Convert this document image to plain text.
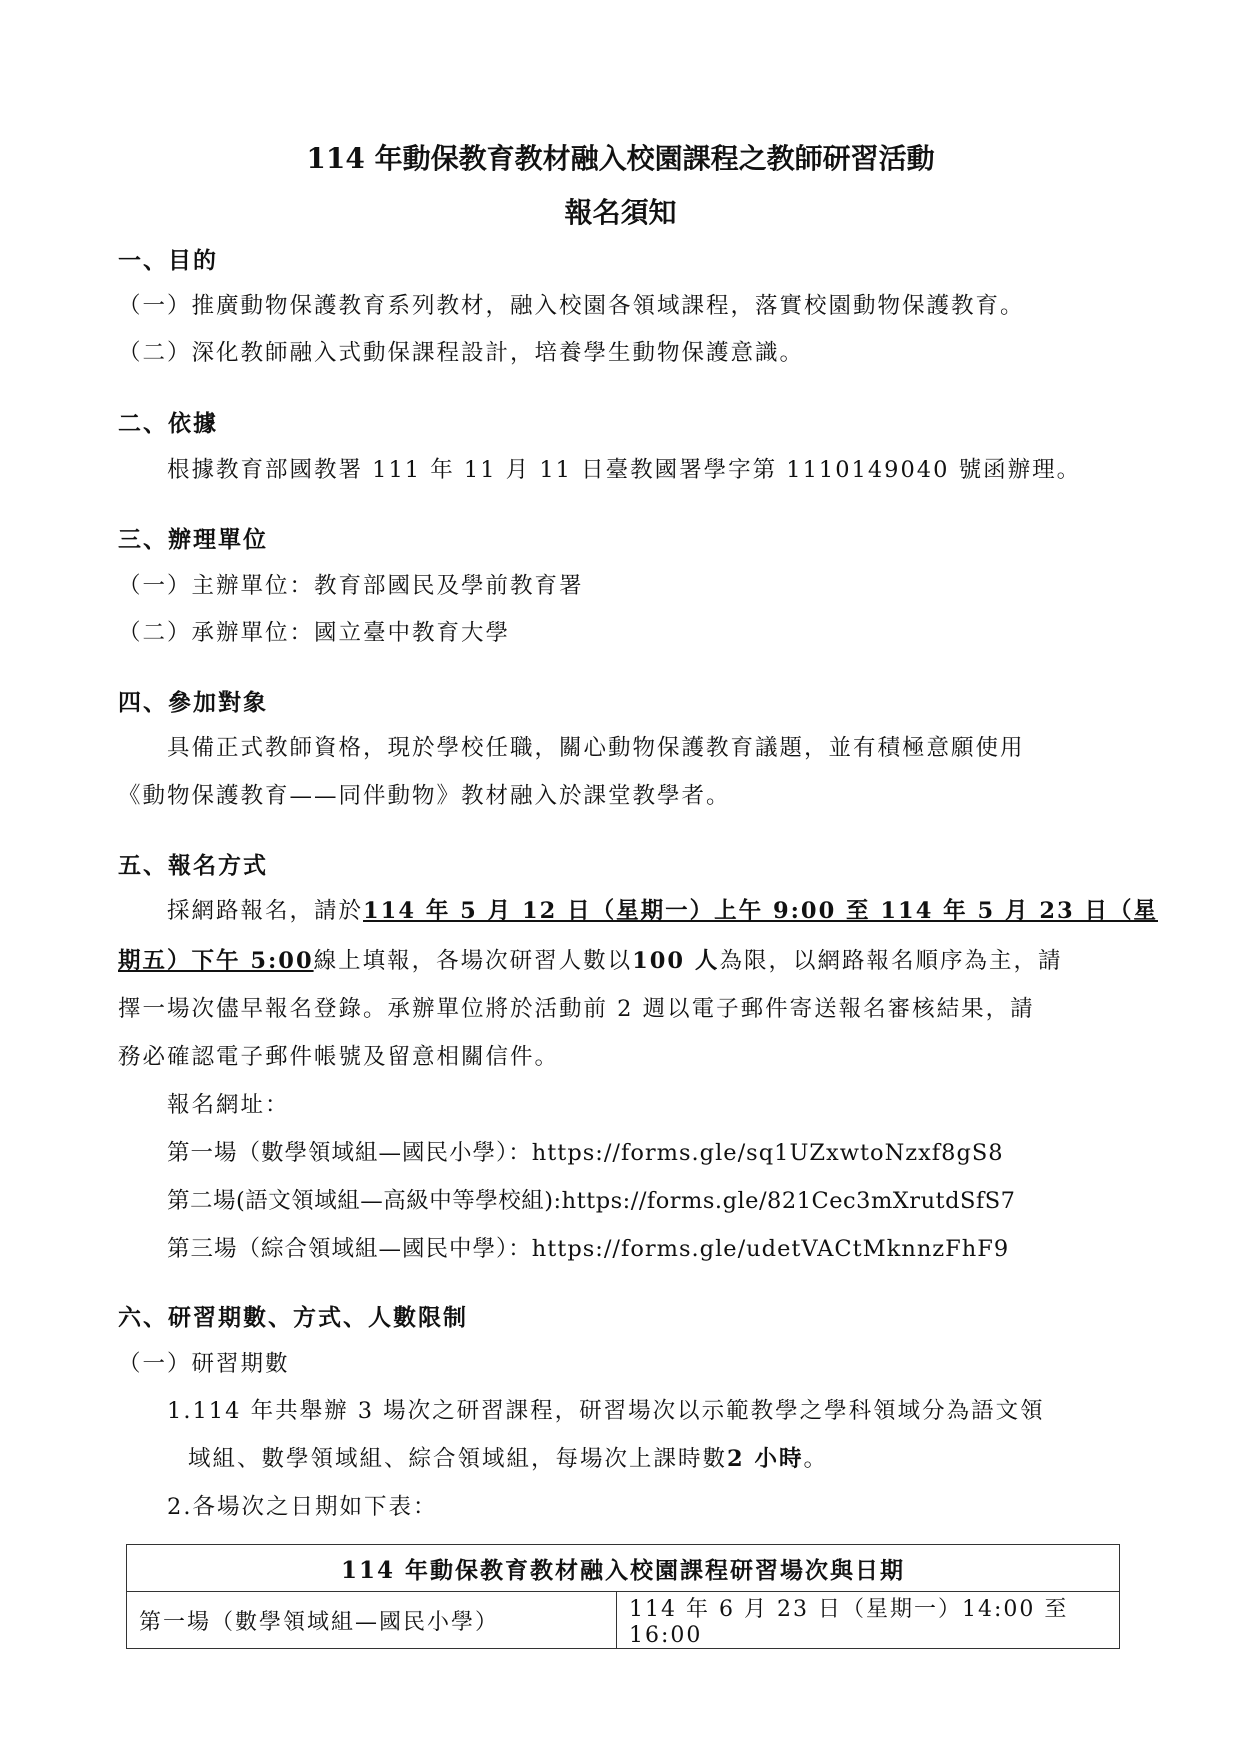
114 年動保教育教材融入校園課程之教師研習活動
報名須知
一、目的
（一）推廣動物保護教育系列教材，融入校園各領域課程，落實校園動物保護教育。
（二）深化教師融入式動保課程設計，培養學生動物保護意識。
二、依據
根據教育部國教署 111 年 11 月 11 日臺教國署學字第 1110149040 號函辦理。
三、辦理單位
（一）主辦單位：教育部國民及學前教育署
（二）承辦單位：國立臺中教育大學
四、參加對象
具備正式教師資格，現於學校任職，關心動物保護教育議題，並有積極意願使用
《動物保護教育——同伴動物》教材融入於課堂教學者。
五、報名方式
採網路報名，請於114 年 5 月 12 日（星期一）上午 9:00 至 114 年 5 月 23 日（星
期五）下午 5:00線上填報，各場次研習人數以100 人為限，以網路報名順序為主，請
擇一場次儘早報名登錄。承辦單位將於活動前 2 週以電子郵件寄送報名審核結果，請
務必確認電子郵件帳號及留意相關信件。
報名網址：
第一場（數學領域組—國民小學）：https://forms.gle/sq1UZxwtoNzxf8gS8
第二場(語文領域組—高級中等學校組):https://forms.gle/821Cec3mXrutdSfS7
第三場（綜合領域組—國民中學）：https://forms.gle/udetVACtMknnzFhF9
六、研習期數、方式、人數限制
（一）研習期數
1.114 年共舉辦 3 場次之研習課程，研習場次以示範教學之學科領域分為語文領
域組、數學領域組、綜合領域組，每場次上課時數2 小時。
2.各場次之日期如下表：
114 年動保教育教材融入校園課程研習場次與日期
第一場（數學領域組—國民小學）	114 年 6 月 23 日（星期一）14:00 至 16:00
